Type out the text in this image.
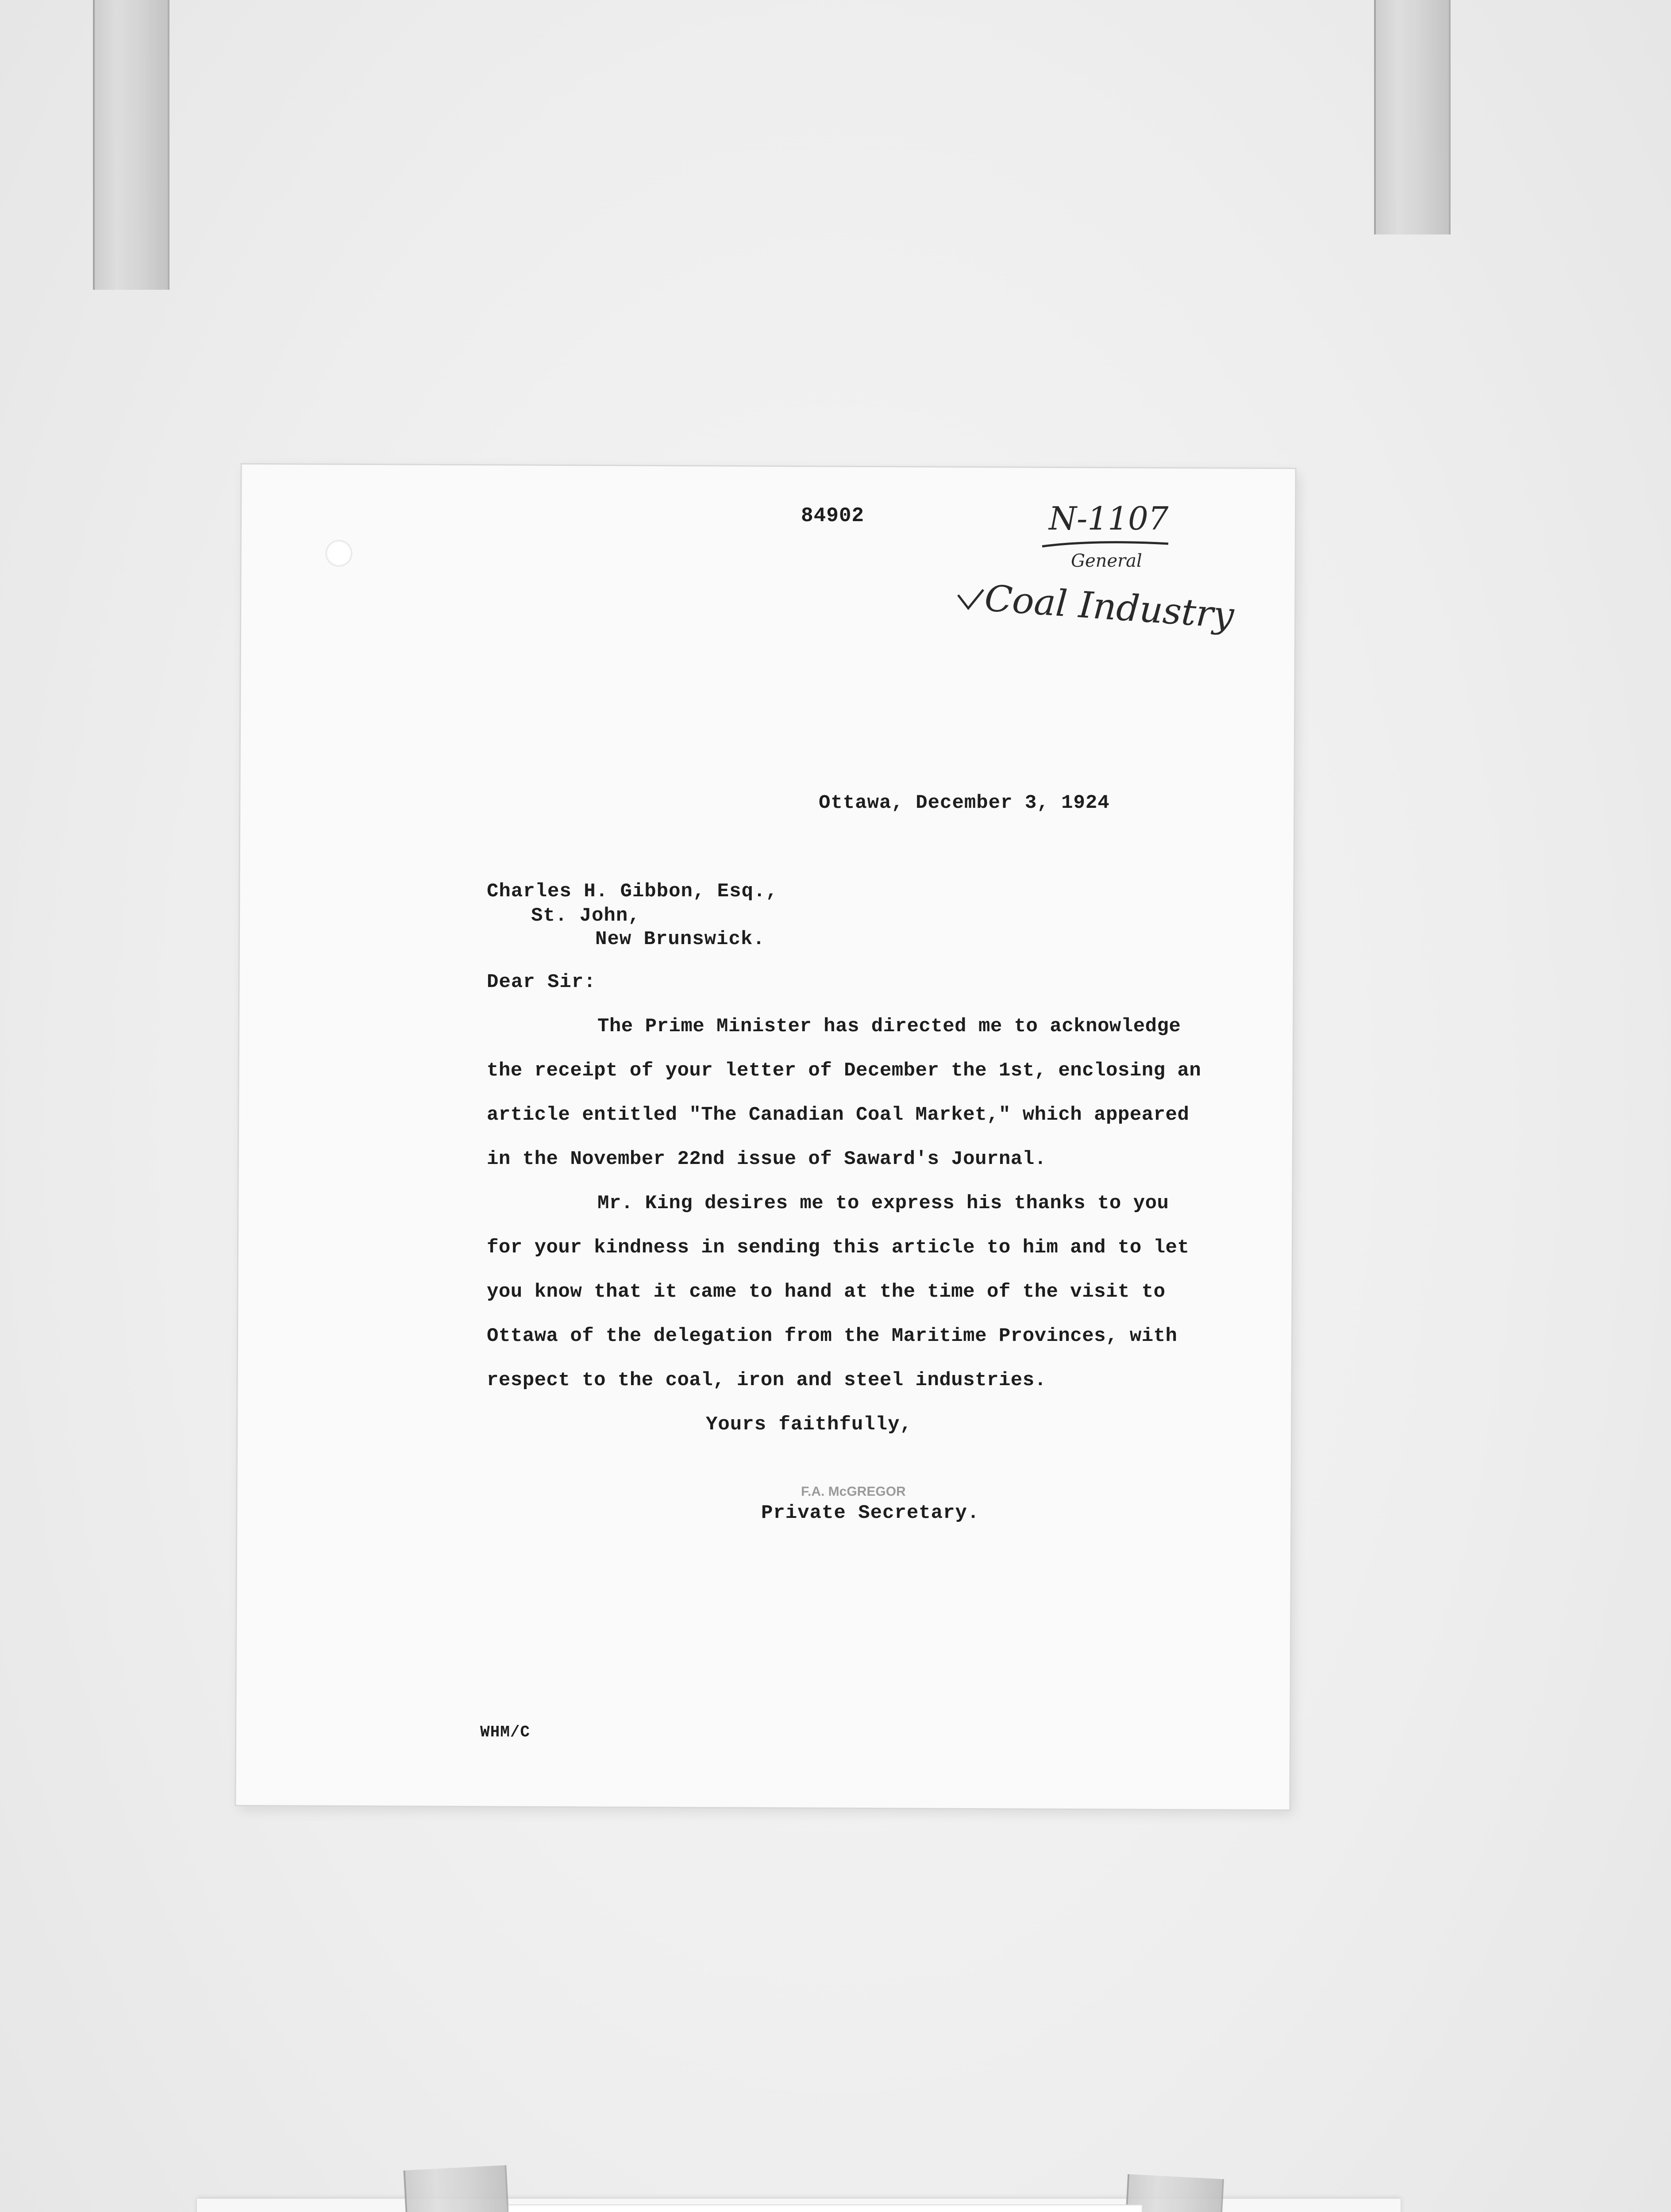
84902	N-1107
General
Coal Industry
Ottawa, December 3, 1924
Charles H. Gibbon, Esq.,
St. John,
New Brunswick.
Dear Sir:
The Prime Minister has directed me to acknowledge
the receipt of your letter of December the 1st, enclosing an
article entitled "The Canadian Coal Market," which appeared
in the November 22nd issue of Saward's Journal.
Mr. King desires me to express his thanks to you
for your kindness in sending this article to him and to let
you know that it came to hand at the time of the visit to
Ottawa of the delegation from the Maritime Provinces, with
respect to the coal, iron and steel industries.
Yours faithfully,
F.A. McGREGOR
Private Secretary.
WHM/C
